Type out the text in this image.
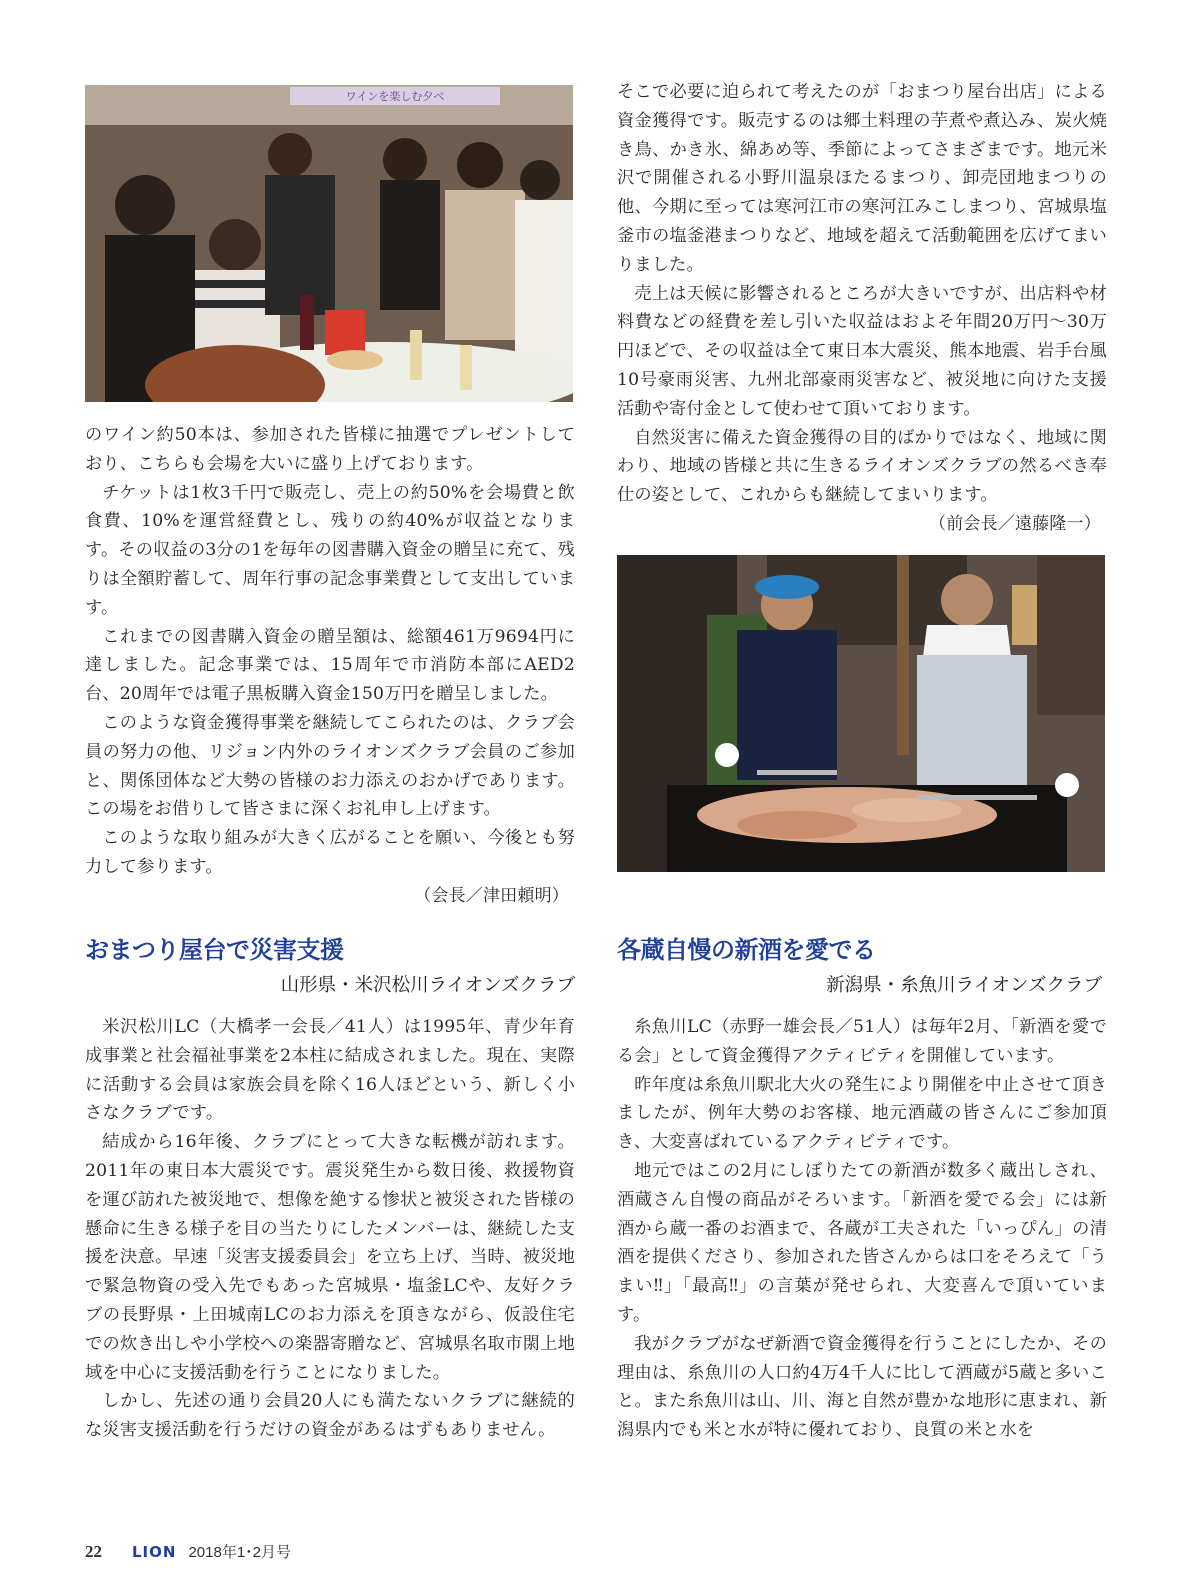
ワインを楽しむ夕べ

のワイン約50本は、参加された皆様に抽選でプレゼントしており、こちらも会場を大いに盛り上げております。

チケットは1枚3千円で販売し、売上の約50%を会場費と飲食費、10%を運営経費とし、残りの約40%が収益となります。その収益の3分の1を毎年の図書購入資金の贈呈に充て、残りは全額貯蓄して、周年行事の記念事業費として支出しています。

これまでの図書購入資金の贈呈額は、総額461万9694円に達しました。記念事業では、15周年で市消防本部にAED2台、20周年では電子黒板購入資金150万円を贈呈しました。

このような資金獲得事業を継続してこられたのは、クラブ会員の努力の他、リジョン内外のライオンズクラブ会員のご参加と、関係団体など大勢の皆様のお力添えのおかげであります。この場をお借りして皆さまに深くお礼申し上げます。

このような取り組みが大きく広がることを願い、今後とも努力して参ります。

（会長／津田頼明）
おまつり屋台で災害支援
山形県・米沢松川ライオンズクラブ

米沢松川LC（大橋孝一会長／41人）は1995年、青少年育成事業と社会福祉事業を2本柱に結成されました。現在、実際に活動する会員は家族会員を除く16人ほどという、新しく小さなクラブです。

結成から16年後、クラブにとって大きな転機が訪れます。2011年の東日本大震災です。震災発生から数日後、救援物資を運び訪れた被災地で、想像を絶する惨状と被災された皆様の懸命に生きる様子を目の当たりにしたメンバーは、継続した支援を決意。早速「災害支援委員会」を立ち上げ、当時、被災地で緊急物資の受入先でもあった宮城県・塩釜LCや、友好クラブの長野県・上田城南LCのお力添えを頂きながら、仮設住宅での炊き出しや小学校への楽器寄贈など、宮城県名取市閖上地域を中心に支援活動を行うことになりました。

しかし、先述の通り会員20人にも満たないクラブに継続的な災害支援活動を行うだけの資金があるはずもありません。

そこで必要に迫られて考えたのが「おまつり屋台出店」による資金獲得です。販売するのは郷土料理の芋煮や煮込み、炭火焼き鳥、かき氷、綿あめ等、季節によってさまざまです。地元米沢で開催される小野川温泉ほたるまつり、卸売団地まつりの他、今期に至っては寒河江市の寒河江みこしまつり、宮城県塩釜市の塩釜港まつりなど、地域を超えて活動範囲を広げてまいりました。

売上は天候に影響されるところが大きいですが、出店料や材料費などの経費を差し引いた収益はおよそ年間20万円〜30万円ほどで、その収益は全て東日本大震災、熊本地震、岩手台風10号豪雨災害、九州北部豪雨災害など、被災地に向けた支援活動や寄付金として使わせて頂いております。

自然災害に備えた資金獲得の目的ばかりではなく、地域に関わり、地域の皆様と共に生きるライオンズクラブの然るべき奉仕の姿として、これからも継続してまいります。

（前会長／遠藤隆一）
各蔵自慢の新酒を愛でる
新潟県・糸魚川ライオンズクラブ

糸魚川LC（赤野一雄会長／51人）は毎年2月、「新酒を愛でる会」として資金獲得アクティビティを開催しています。

昨年度は糸魚川駅北大火の発生により開催を中止させて頂きましたが、例年大勢のお客様、地元酒蔵の皆さんにご参加頂き、大変喜ばれているアクティビティです。

地元ではこの2月にしぼりたての新酒が数多く蔵出しされ、酒蔵さん自慢の商品がそろいます。「新酒を愛でる会」には新酒から蔵一番のお酒まで、各蔵が工夫された「いっぴん」の清酒を提供くださり、参加された皆さんからは口をそろえて「うまい‼」「最高‼」の言葉が発せられ、大変喜んで頂いています。

我がクラブがなぜ新酒で資金獲得を行うことにしたか、その理由は、糸魚川の人口約4万4千人に比して酒蔵が5蔵と多いこと。また糸魚川は山、川、海と自然が豊かな地形に恵まれ、新潟県内でも米と水が特に優れており、良質の米と水を

22 LION 2018年1･2月号
